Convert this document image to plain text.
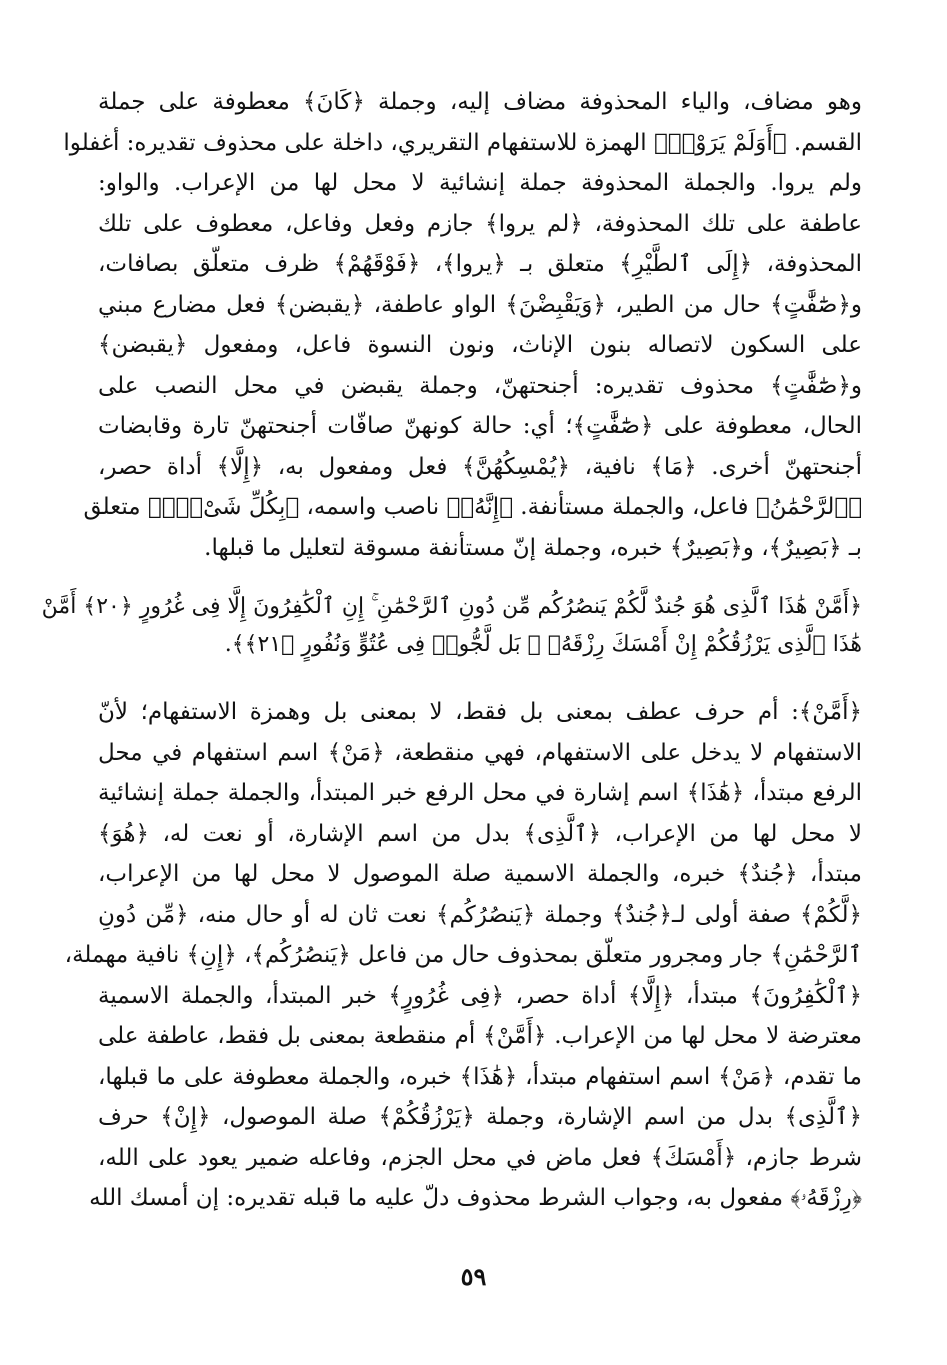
وهو مضاف، والياء المحذوفة مضاف إليه، وجملة ﴿كَانَ﴾ معطوفة على جملة
القسم. ﴿أَوَلَمْ يَرَوْا۟﴾ الهمزة للاستفهام التقريري، داخلة على محذوف تقديره: أغفلوا
ولم يروا. والجملة المحذوفة جملة إنشائية لا محل لها من الإعراب. والواو:
عاطفة على تلك المحذوفة، ﴿لم يروا﴾ جازم وفعل وفاعل، معطوف على تلك
المحذوفة، ﴿إِلَى ٱلطَّيْرِ﴾ متعلق بـ ﴿يروا﴾، ﴿فَوْقَهُمْ﴾ ظرف متعلّق بصافات،
و﴿صَٰٓفَّٰتٍ﴾ حال من الطير، ﴿وَيَقْبِضْنَ﴾ الواو عاطفة، ﴿يقبضن﴾ فعل مضارع مبني
على السكون لاتصاله بنون الإناث، ونون النسوة فاعل، ومفعول ﴿يقبضن﴾
و﴿صَٰٓفَّٰتٍ﴾ محذوف تقديره: أجنحتهنّ، وجملة يقبضن في محل النصب على
الحال، معطوفة على ﴿صَٰٓفَّٰتٍ﴾؛ أي: حالة كونهنّ صافّات أجنحتهنّ تارة وقابضات
أجنحتهنّ أخرى. ﴿مَا﴾ نافية، ﴿يُمْسِكُهُنَّ﴾ فعل ومفعول به، ﴿إِلَّا﴾ أداة حصر،
﴿ٱلرَّحْمَٰنُ﴾ فاعل، والجملة مستأنفة. ﴿إِنَّهُۥ﴾ ناصب واسمه، ﴿بِكُلِّ شَىْءٍۭ﴾ متعلق
بـ ﴿بَصِيرٌ﴾، و﴿بَصِيرٌ﴾ خبره، وجملة إنّ مستأنفة مسوقة لتعليل ما قبلها.
﴿أَمَّنْ هَٰذَا ٱلَّذِى هُوَ جُندٌ لَّكُمْ يَنصُرُكُم مِّن دُونِ ٱلرَّحْمَٰنِ ۚ إِنِ ٱلْكَٰفِرُونَ إِلَّا فِى غُرُورٍ ﴿٢٠﴾ أَمَّنْ
هَٰذَا ٱلَّذِى يَرْزُقُكُمْ إِنْ أَمْسَكَ رِزْقَهُۥ ۚ بَل لَّجُّوا۟ فِى عُتُوٍّ وَنُفُورٍ ﴿٢١﴾﴾.
﴿أَمَّنْ﴾: أم حرف عطف بمعنى بل فقط، لا بمعنى بل وهمزة الاستفهام؛ لأنّ
الاستفهام لا يدخل على الاستفهام، فهي منقطعة، ﴿مَنْ﴾ اسم استفهام في محل
الرفع مبتدأ، ﴿هَٰذَا﴾ اسم إشارة في محل الرفع خبر المبتدأ، والجملة جملة إنشائية
لا محل لها من الإعراب، ﴿ٱلَّذِى﴾ بدل من اسم الإشارة، أو نعت له، ﴿هُوَ﴾
مبتدأ، ﴿جُندٌ﴾ خبره، والجملة الاسمية صلة الموصول لا محل لها من الإعراب،
﴿لَّكُمْ﴾ صفة أولى لـ﴿جُندٌ﴾ وجملة ﴿يَنصُرُكُم﴾ نعت ثان له أو حال منه، ﴿مِّن دُونِ
ٱلرَّحْمَٰنِ﴾ جار ومجرور متعلّق بمحذوف حال من فاعل ﴿يَنصُرُكُم﴾، ﴿إِنِ﴾ نافية مهملة،
﴿ٱلْكَٰفِرُونَ﴾ مبتدأ، ﴿إِلَّا﴾ أداة حصر، ﴿فِى غُرُورٍ﴾ خبر المبتدأ، والجملة الاسمية
معترضة لا محل لها من الإعراب. ﴿أَمَّنْ﴾ أم منقطعة بمعنى بل فقط، عاطفة على
ما تقدم، ﴿مَنْ﴾ اسم استفهام مبتدأ، ﴿هَٰذَا﴾ خبره، والجملة معطوفة على ما قبلها،
﴿ٱلَّذِى﴾ بدل من اسم الإشارة، وجملة ﴿يَرْزُقُكُمْ﴾ صلة الموصول، ﴿إِنْ﴾ حرف
شرط جازم، ﴿أَمْسَكَ﴾ فعل ماض في محل الجزم، وفاعله ضمير يعود على الله،
﴿رِزْقَهُۥ﴾ مفعول به، وجواب الشرط محذوف دلّ عليه ما قبله تقديره: إن أمسك الله
٥٩
